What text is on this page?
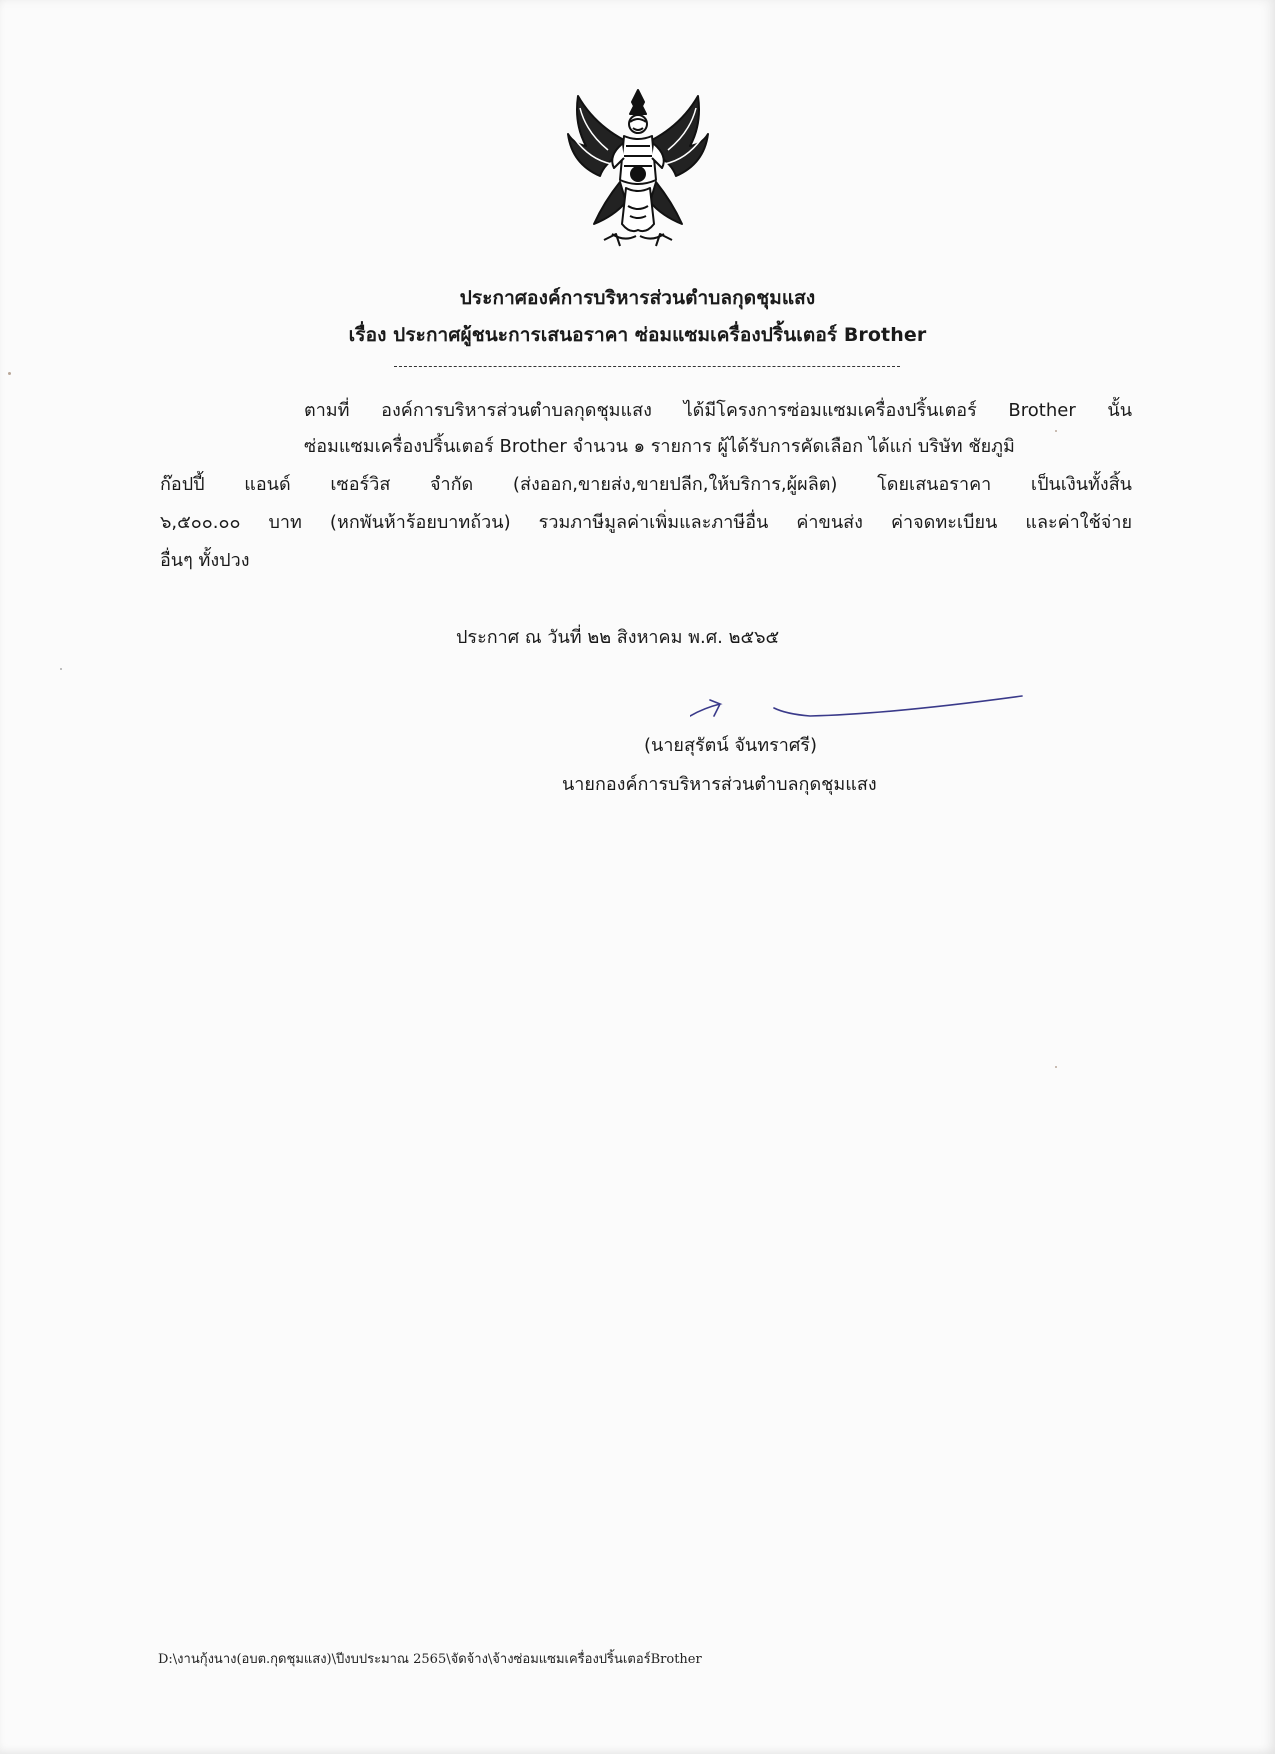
ประกาศองค์การบริหารส่วนตำบลกุดชุมแสง
เรื่อง ประกาศผู้ชนะการเสนอราคา ซ่อมแซมเครื่องปริ้นเตอร์ Brother
ตามที่ องค์การบริหารส่วนตำบลกุดชุมแสง ได้มีโครงการซ่อมแซมเครื่องปริ้นเตอร์ Brother นั้น
ซ่อมแซมเครื่องปริ้นเตอร์ Brother จำนวน ๑ รายการ ผู้ได้รับการคัดเลือก ได้แก่ บริษัท ชัยภูมิ
ก๊อปปี้ แอนด์ เซอร์วิส จำกัด (ส่งออก,ขายส่ง,ขายปลีก,ให้บริการ,ผู้ผลิต) โดยเสนอราคา เป็นเงินทั้งสิ้น
๖,๕๐๐.๐๐ บาท (หกพันห้าร้อยบาทถ้วน) รวมภาษีมูลค่าเพิ่มและภาษีอื่น ค่าขนส่ง ค่าจดทะเบียน และค่าใช้จ่าย
อื่นๆ ทั้งปวง
ประกาศ ณ วันที่ ๒๒ สิงหาคม พ.ศ. ๒๕๖๕
(นายสุรัตน์ จันทราศรี)
นายกองค์การบริหารส่วนตำบลกุดชุมแสง
D:\งานกุ้งนาง(อบต.กุดชุมแสง)\ปีงบประมาณ 2565\จัดจ้าง\จ้างซ่อมแซมเครื่องปริ้นเตอร์Brother
